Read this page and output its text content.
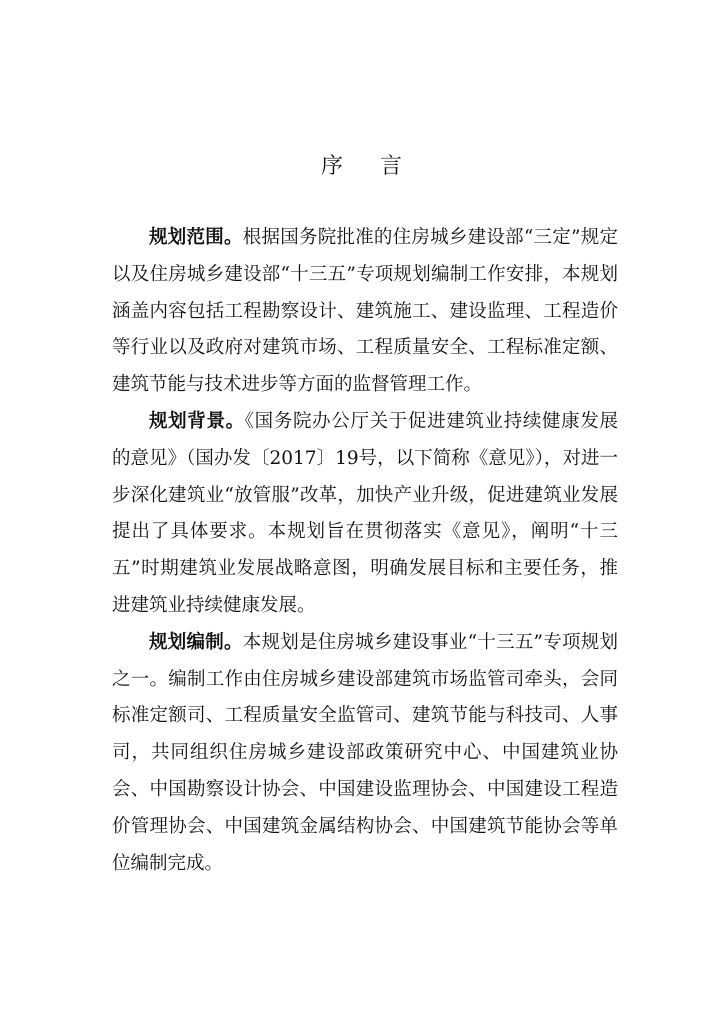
序 言

规划范围。根据国务院批准的住房城乡建设部“三定”规定以及住房城乡建设部“十三五”专项规划编制工作安排，本规划涵盖内容包括工程勘察设计、建筑施工、建设监理、工程造价等行业以及政府对建筑市场、工程质量安全、工程标准定额、建筑节能与技术进步等方面的监督管理工作。

规划背景。《国务院办公厅关于促进建筑业持续健康发展的意见》（国办发〔2017〕19号，以下简称《意见》），对进一步深化建筑业“放管服”改革，加快产业升级，促进建筑业发展提出了具体要求。本规划旨在贯彻落实《意见》，阐明“十三五”时期建筑业发展战略意图，明确发展目标和主要任务，推进建筑业持续健康发展。

规划编制。本规划是住房城乡建设事业“十三五”专项规划之一。编制工作由住房城乡建设部建筑市场监管司牵头，会同标准定额司、工程质量安全监管司、建筑节能与科技司、人事司，共同组织住房城乡建设部政策研究中心、中国建筑业协会、中国勘察设计协会、中国建设监理协会、中国建设工程造价管理协会、中国建筑金属结构协会、中国建筑节能协会等单位编制完成。
